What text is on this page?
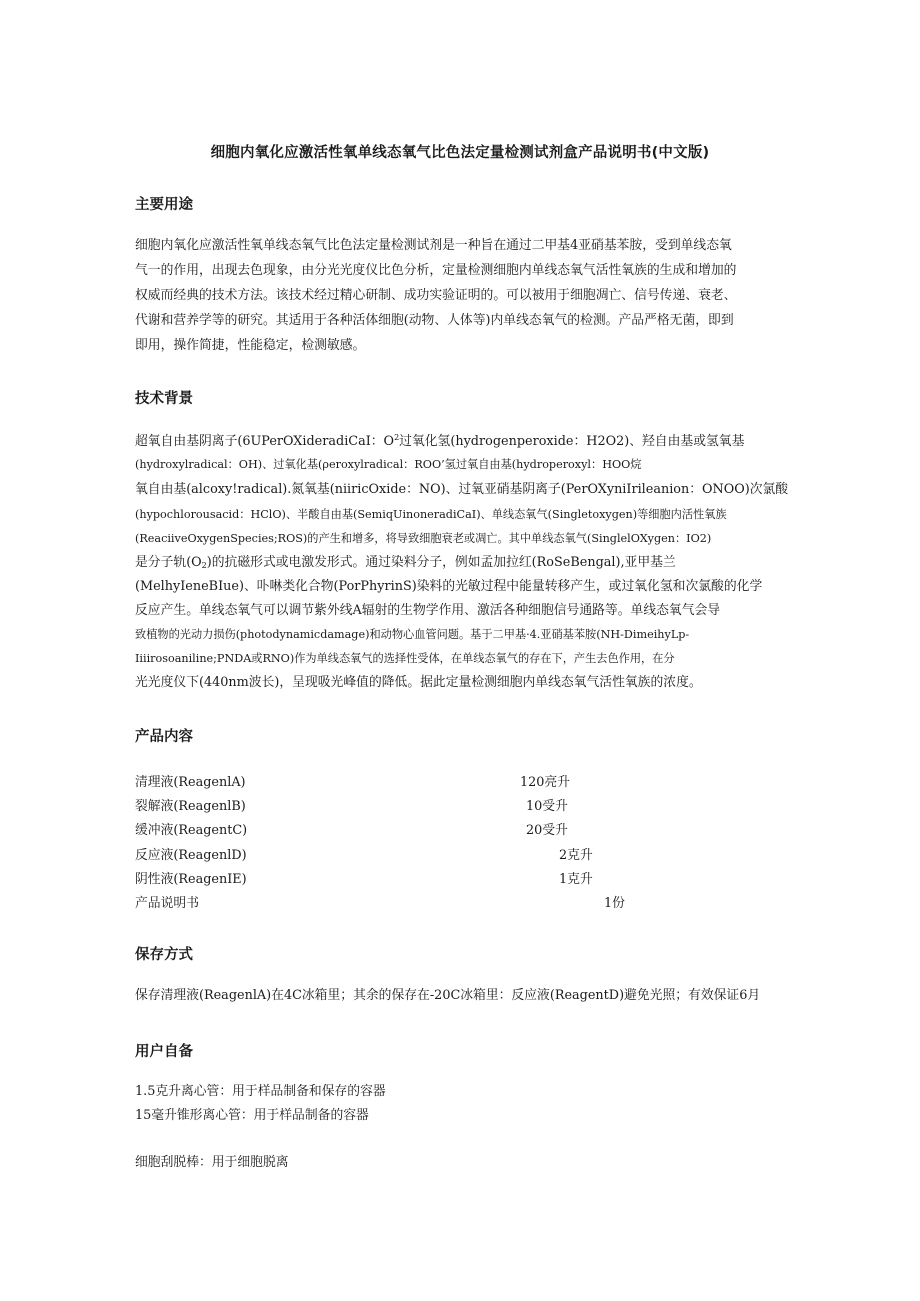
细胞内氧化应激活性氧单线态氧气比色法定量检测试剂盒产品说明书(中文版)
主要用途
细胞内氧化应激活性氧单线态氧气比色法定量检测试剂是一种旨在通过二甲基4亚硝基苯胺，受到单线态氧
气一的作用，出现去色现象，由分光光度仪比色分析，定量检测细胞内单线态氧气活性氧族的生成和增加的
权威而经典的技术方法。该技术经过精心研制、成功实验证明的。可以被用于细胞凋亡、信号传递、衰老、
代谢和营养学等的研究。其适用于各种活体细胞(动物、人体等)内单线态氧气的检测。产品严格无菌，即到
即用，操作简捷，性能稳定，检测敏感。
技术背景
超氧自由基阴离子(6UPerOXideradiCaI：$O^2$过氧化氢(hydrogenperoxide：H2O2)、羟自由基或氢氧基
(hydroxylradical：OH)、过氧化基(ρeroxylradical：ROO’氢过氧自由基(hydroperoxyl：HOO烷
氧自由基(alcoxy!radical).氮氧基(niiricOxide：NO)、过氧亚硝基阴离子(PerOXyniIrileanion：ONOO)次氯酸
(hypochlorousacid：HClO)、半酸自由基(SemiqUinoneradiCaI)、单线态氧气(Singletoxygen)等细胞内活性氧族
(ReaciiveOxygenSpecies;ROS)的产生和增多，将导致细胞衰老或凋亡。其中单线态氧气(SinglelOXygen：IO2)
是分子轨$(O_2)$的抗磁形式或电激发形式。通过染料分子，例如孟加拉红(RoSeBengal),亚甲基兰
(MelhyIeneBIue)、卟啉类化合物(PorPhyrinS)染料的光敏过程中能量转移产生，或过氧化氢和次氯酸的化学
反应产生。单线态氧气可以调节紫外线A辐射的生物学作用、激活各种细胞信号通路等。单线态氧气会导
致植物的光动力损伤(photodynamicdamage)和动物心血管问题。基于二甲基·4.亚硝基苯胺(NH-DimeihyLp-
Iiiirosoaniline;PNDA或RNO)作为单线态氧气的选择性受体，在单线态氧气的存在下，产生去色作用，在分
光光度仪下(440nm波长)，呈现吸光峰值的降低。据此定量检测细胞内单线态氧气活性氧族的浓度。
产品内容
清理液(ReagenlA)	120亮升
裂解液(ReagenlB)	10受升
缓冲液(ReagentC)	20受升
反应液(ReagenlD)	2克升
阴性液(ReagenIE)	1克升
产品说明书	1份
保存方式
保存清理液(ReagenlA)在4C冰箱里；其余的保存在-20C冰箱里：反应液(ReagentD)避免光照；有效保证6月
用户自备
1.5克升离心管：用于样品制备和保存的容器
15毫升锥形离心管：用于样品制备的容器
细胞刮脱棒：用于细胞脱离
